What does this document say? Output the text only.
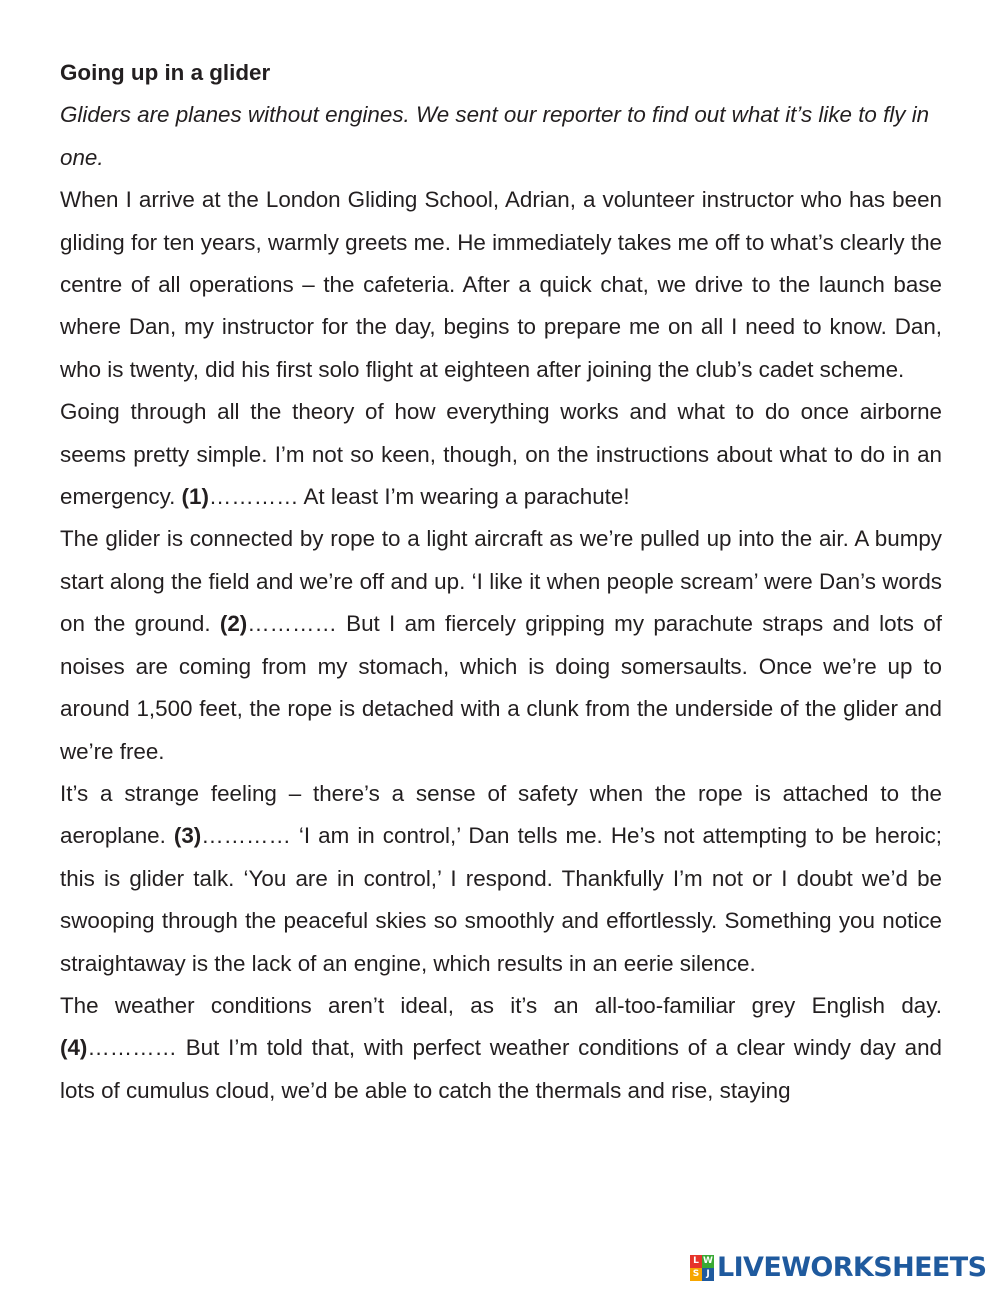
Going up in a glider

Gliders are planes without engines. We sent our reporter to find out what it’s like to fly in one.

When I arrive at the London Gliding School, Adrian, a volunteer instructor who has been gliding for ten years, warmly greets me. He immediately takes me off to what’s clearly the centre of all operations – the cafeteria. After a quick chat, we drive to the launch base where Dan, my instructor for the day, begins to prepare me on all I need to know. Dan, who is twenty, did his first solo flight at eighteen after joining the club’s cadet scheme.

Going through all the theory of how everything works and what to do once airborne seems pretty simple. I’m not so keen, though, on the instructions about what to do in an emergency. (1)………… At least I’m wearing a parachute!

The glider is connected by rope to a light aircraft as we’re pulled up into the air. A bumpy start along the field and we’re off and up. ‘I like it when people scream’ were Dan’s words on the ground. (2)………… But I am fiercely gripping my parachute straps and lots of noises are coming from my stomach, which is doing somersaults. Once we’re up to around 1,500 feet, the rope is detached with a clunk from the underside of the glider and we’re free.

It’s a strange feeling – there’s a sense of safety when the rope is attached to the aeroplane. (3)………… ‘I am in control,’ Dan tells me. He’s not attempting to be heroic; this is glider talk. ‘You are in control,’ I respond. Thankfully I’m not or I doubt we’d be swooping through the peaceful skies so smoothly and effortlessly. Something you notice straightaway is the lack of an engine, which results in an eerie silence.

The weather conditions aren’t ideal, as it’s an all-too-familiar grey English day. (4)………… But I’m told that, with perfect weather conditions of a clear windy day and lots of cumulus cloud, we’d be able to catch the thermals and rise, staying

L W
S J LIVEWORKSHEETS
